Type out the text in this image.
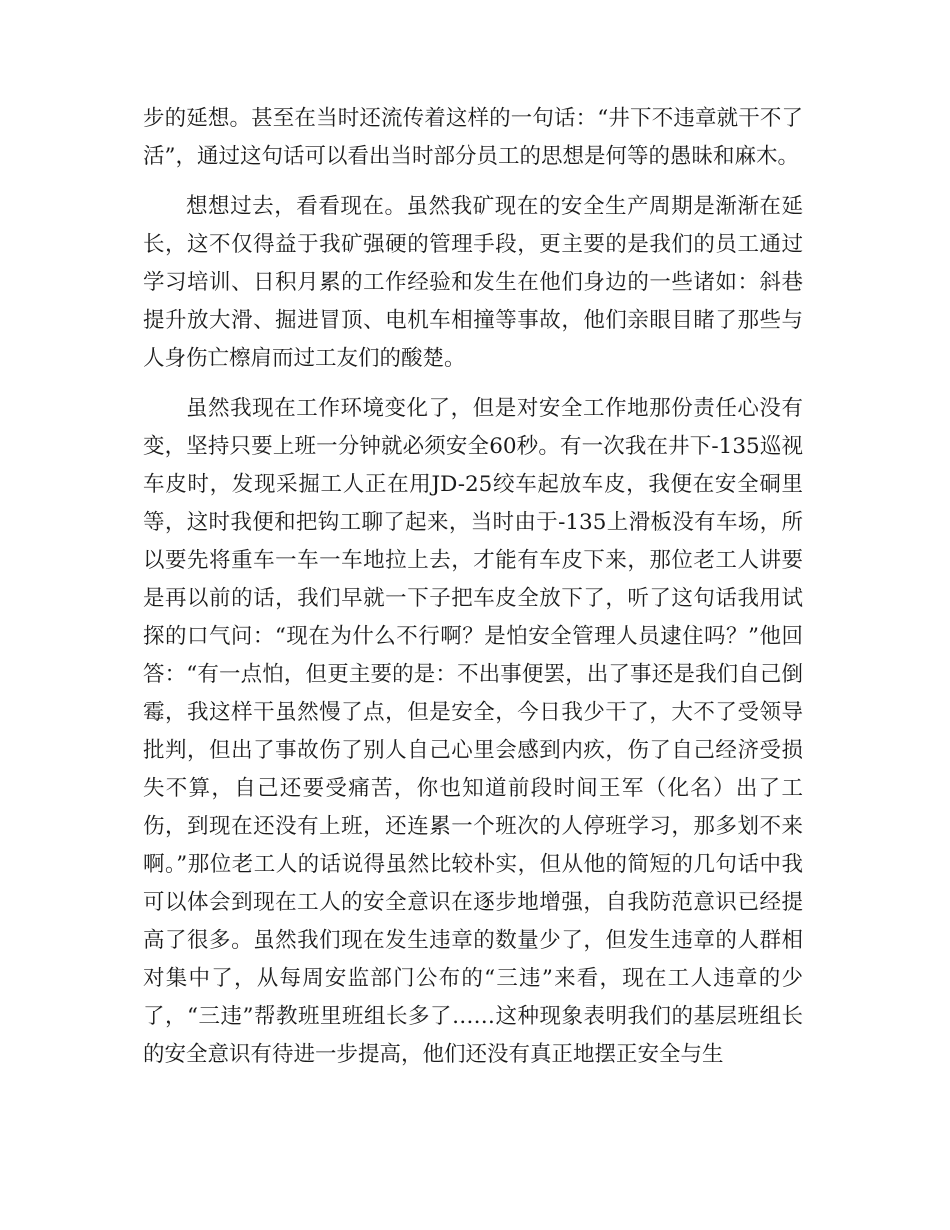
步的延想。甚至在当时还流传着这样的一句话：“井下不违章就干不了活”，通过这句话可以看出当时部分员工的思想是何等的愚昧和麻木。

想想过去，看看现在。虽然我矿现在的安全生产周期是渐渐在延长，这不仅得益于我矿强硬的管理手段，更主要的是我们的员工通过学习培训、日积月累的工作经验和发生在他们身边的一些诸如：斜巷提升放大滑、掘进冒顶、电机车相撞等事故，他们亲眼目睹了那些与人身伤亡檫肩而过工友们的酸楚。

虽然我现在工作环境变化了，但是对安全工作地那份责任心没有变，坚持只要上班一分钟就必须安全60秒。有一次我在井下-135巡视车皮时，发现采掘工人正在用JD-25绞车起放车皮，我便在安全硐里等，这时我便和把钩工聊了起来，当时由于-135上滑板没有车场，所以要先将重车一车一车地拉上去，才能有车皮下来，那位老工人讲要是再以前的话，我们早就一下子把车皮全放下了，听了这句话我用试探的口气问：“现在为什么不行啊？是怕安全管理人员逮住吗？”他回答：“有一点怕，但更主要的是：不出事便罢，出了事还是我们自己倒霉，我这样干虽然慢了点，但是安全，今日我少干了，大不了受领导批判，但出了事故伤了别人自己心里会感到内疚，伤了自己经济受损失不算，自己还要受痛苦，你也知道前段时间王军（化名）出了工伤，到现在还没有上班，还连累一个班次的人停班学习，那多划不来啊。”那位老工人的话说得虽然比较朴实，但从他的简短的几句话中我可以体会到现在工人的安全意识在逐步地增强，自我防范意识已经提高了很多。虽然我们现在发生违章的数量少了，但发生违章的人群相对集中了，从每周安监部门公布的“三违”来看，现在工人违章的少了，“三违”帮教班里班组长多了……这种现象表明我们的基层班组长的安全意识有待进一步提高，他们还没有真正地摆正安全与生
